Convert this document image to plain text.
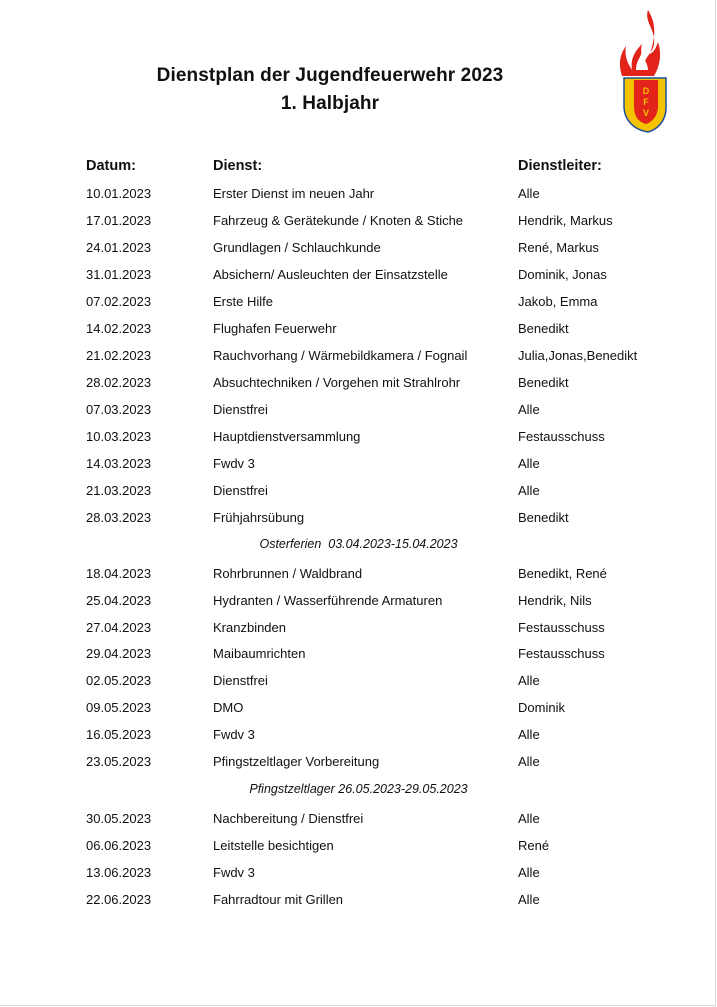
Dienstplan der Jugendfeuerwehr 2023
1. Halbjahr
D
F
V
Datum:	Dienst:	Dienstleiter:
10.01.2023	Erster Dienst im neuen Jahr	Alle
17.01.2023	Fahrzeug & Gerätekunde / Knoten & Stiche	Hendrik, Markus
24.01.2023	Grundlagen / Schlauchkunde	René, Markus
31.01.2023	Absichern/ Ausleuchten der Einsatzstelle	Dominik, Jonas
07.02.2023	Erste Hilfe	Jakob, Emma
14.02.2023	Flughafen Feuerwehr	Benedikt
21.02.2023	Rauchvorhang / Wärmebildkamera / Fognail	Julia,Jonas,Benedikt
28.02.2023	Absuchtechniken / Vorgehen mit Strahlrohr	Benedikt
07.03.2023	Dienstfrei	Alle
10.03.2023	Hauptdienstversammlung	Festausschuss
14.03.2023	Fwdv 3	Alle
21.03.2023	Dienstfrei	Alle
28.03.2023	Frühjahrsübung	Benedikt
Osterferien  03.04.2023-15.04.2023
18.04.2023	Rohrbrunnen / Waldbrand	Benedikt, René
25.04.2023	Hydranten / Wasserführende Armaturen	Hendrik, Nils
27.04.2023	Kranzbinden	Festausschuss
29.04.2023	Maibaumrichten	Festausschuss
02.05.2023	Dienstfrei	Alle
09.05.2023	DMO	Dominik
16.05.2023	Fwdv 3	Alle
23.05.2023	Pfingstzeltlager Vorbereitung	Alle
Pfingstzeltlager 26.05.2023-29.05.2023
30.05.2023	Nachbereitung / Dienstfrei	Alle
06.06.2023	Leitstelle besichtigen	René
13.06.2023	Fwdv 3	Alle
22.06.2023	Fahrradtour mit Grillen	Alle
